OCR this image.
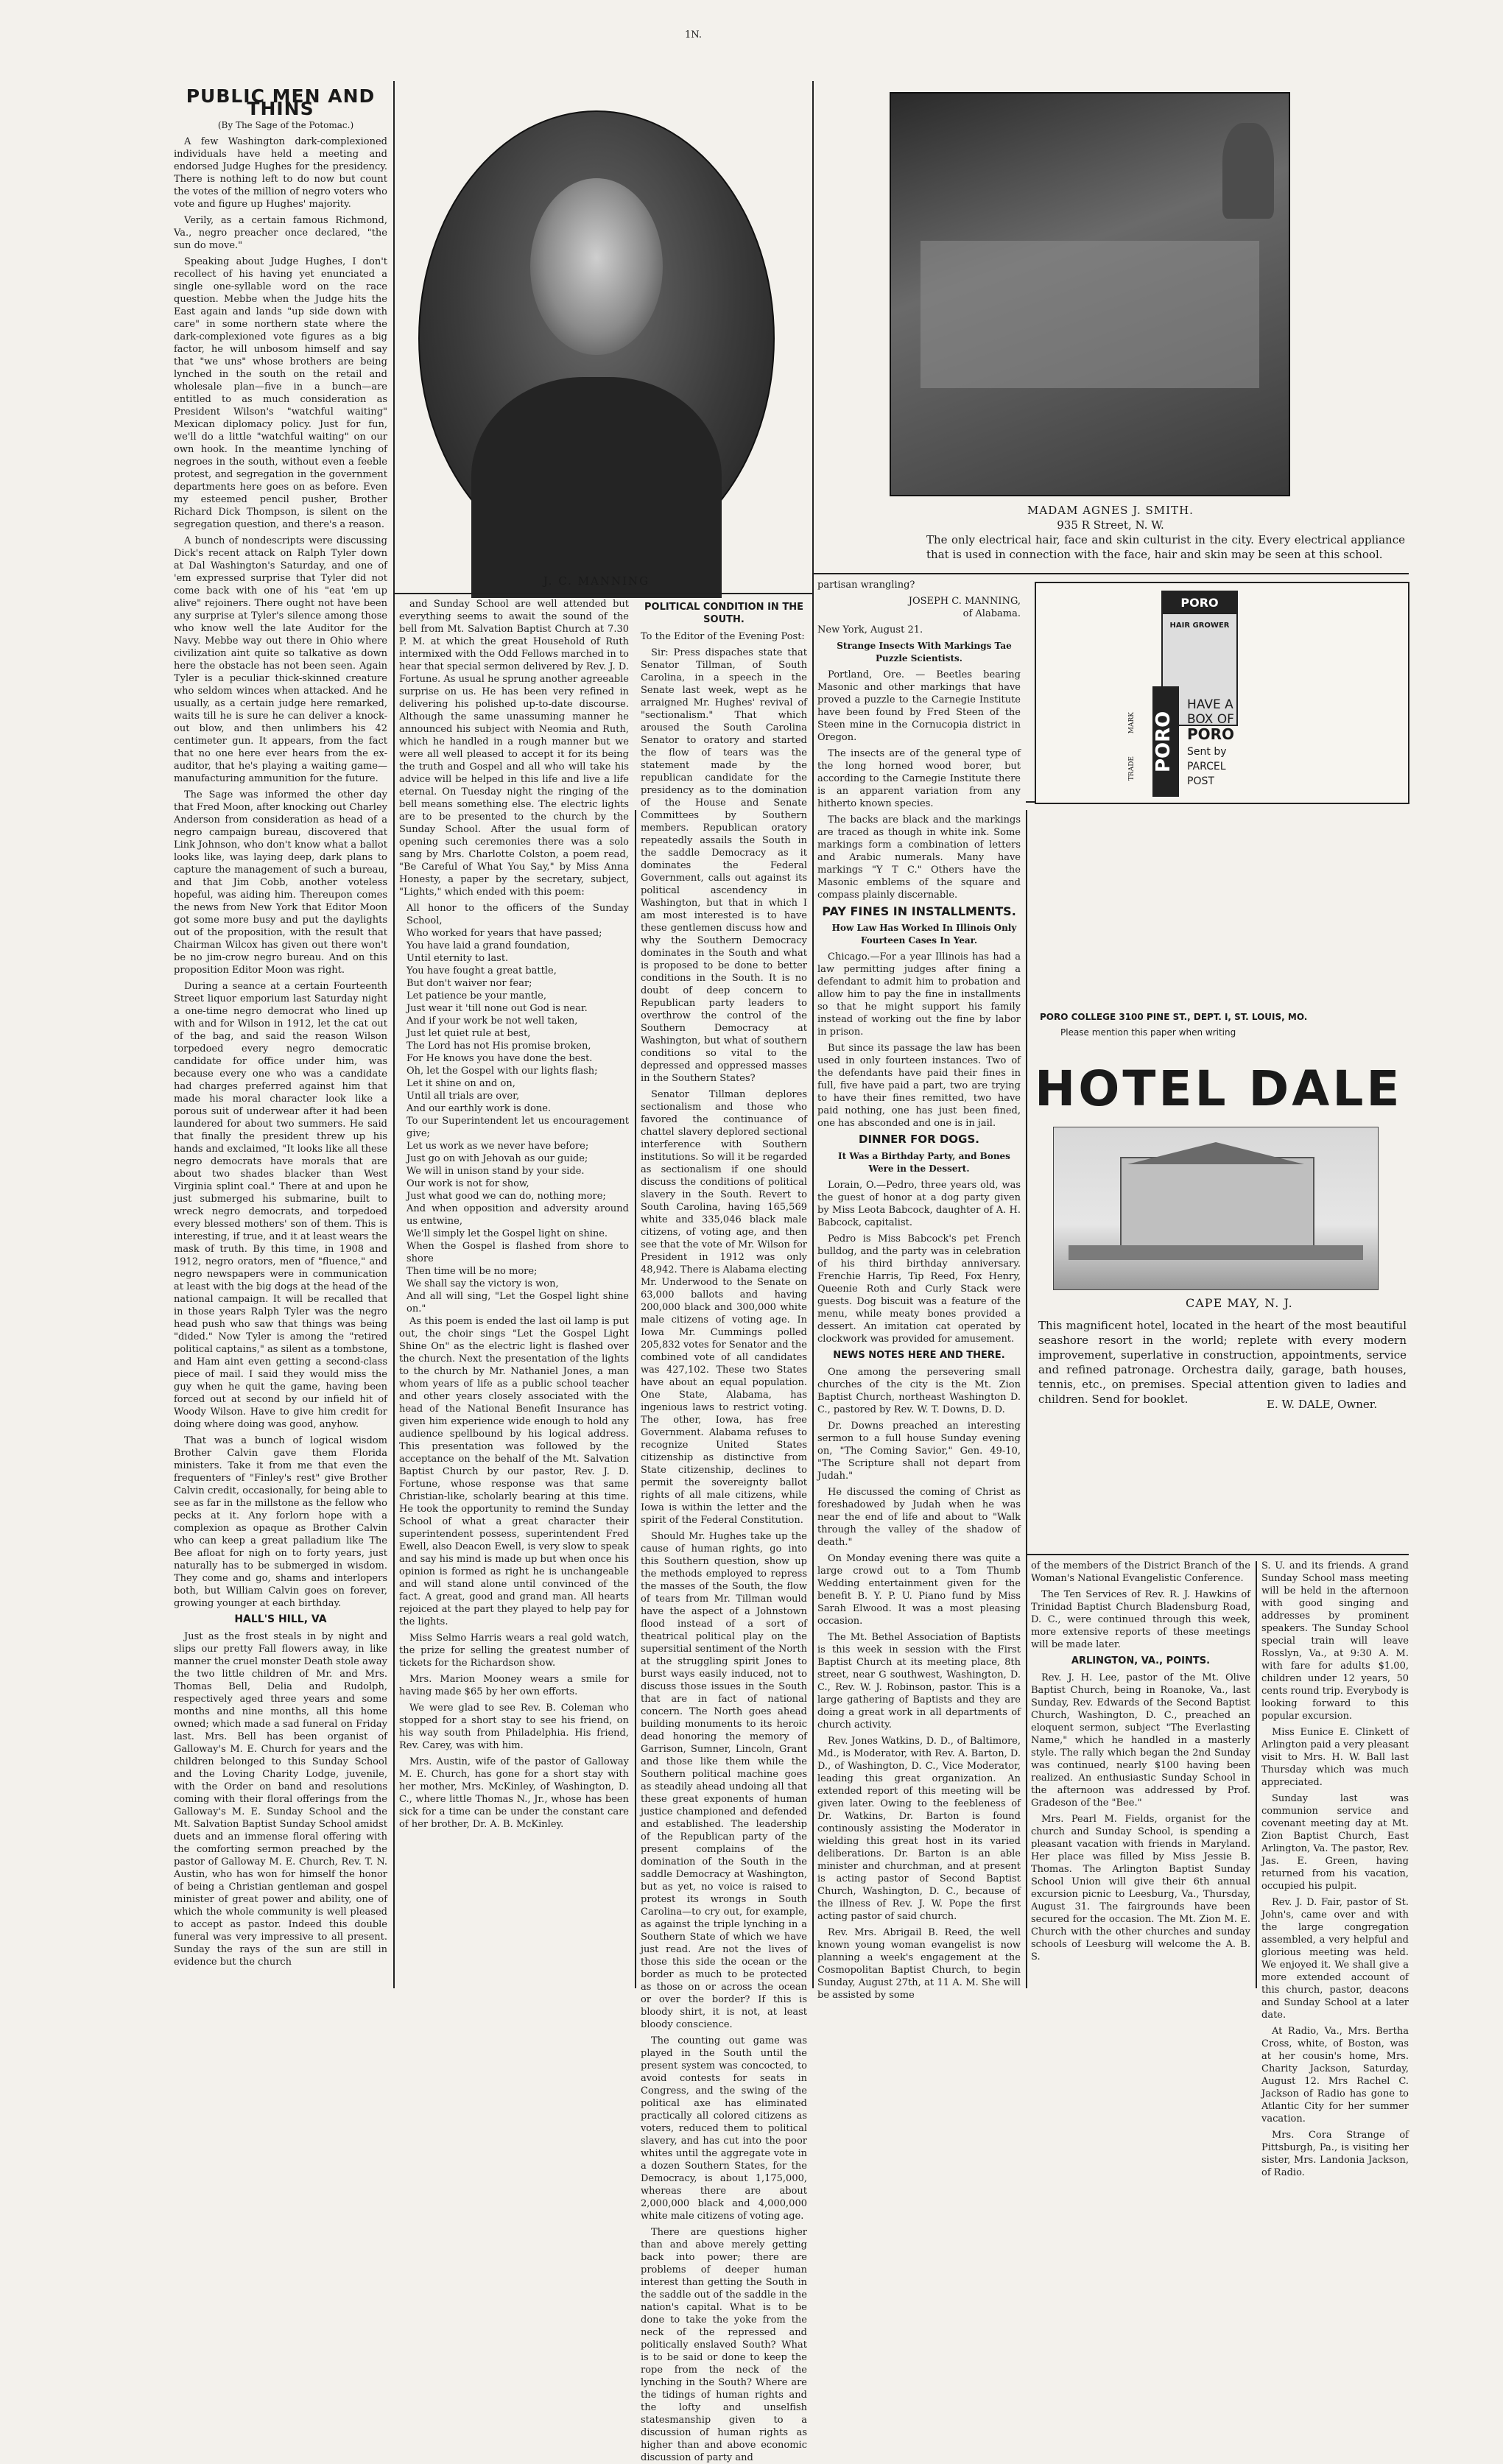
1N.
PUBLIC MEN AND THINS

(By The Sage of the Potomac.)

A few Washington dark-complexioned individuals have held a meeting and endorsed Judge Hughes for the presidency. There is nothing left to do now but count the votes of the million of negro voters who vote and figure up Hughes' majority.

Verily, as a certain famous Richmond, Va., negro preacher once declared, "the sun do move."

Speaking about Judge Hughes, I don't recollect of his having yet enunciated a single one-syllable word on the race question. Mebbe when the Judge hits the East again and lands "up side down with care" in some northern state where the dark-complexioned vote figures as a big factor, he will unbosom himself and say that "we uns" whose brothers are being lynched in the south on the retail and wholesale plan—five in a bunch—are entitled to as much consideration as President Wilson's "watchful waiting" Mexican diplomacy policy. Just for fun, we'll do a little "watchful waiting" on our own hook. In the meantime lynching of negroes in the south, without even a feeble protest, and segregation in the government departments here goes on as before. Even my esteemed pencil pusher, Brother Richard Dick Thompson, is silent on the segregation question, and there's a reason.

A bunch of nondescripts were discussing Dick's recent attack on Ralph Tyler down at Dal Washington's Saturday, and one of 'em expressed surprise that Tyler did not come back with one of his "eat 'em up alive" rejoiners. There ought not have been any surprise at Tyler's silence among those who know well the late Auditor for the Navy. Mebbe way out there in Ohio where civilization aint quite so talkative as down here the obstacle has not been seen. Again Tyler is a peculiar thick-skinned creature who seldom winces when attacked. And he usually, as a certain judge here remarked, waits till he is sure he can deliver a knock-out blow, and then unlimbers his 42 centimeter gun. It appears, from the fact that no one here ever hears from the ex-auditor, that he's playing a waiting game—manufacturing ammunition for the future.

The Sage was informed the other day that Fred Moon, after knocking out Charley Anderson from consideration as head of a negro campaign bureau, discovered that Link Johnson, who don't know what a ballot looks like, was laying deep, dark plans to capture the management of such a bureau, and that Jim Cobb, another voteless hopeful, was aiding him. Thereupon comes the news from New York that Editor Moon got some more busy and put the daylights out of the proposition, with the result that Chairman Wilcox has given out there won't be no jim-crow negro bureau. And on this proposition Editor Moon was right.

During a seance at a certain Fourteenth Street liquor emporium last Saturday night a one-time negro democrat who lined up with and for Wilson in 1912, let the cat out of the bag, and said the reason Wilson torpedoed every negro democratic candidate for office under him, was because every one who was a candidate had charges preferred against him that made his moral character look like a porous suit of underwear after it had been laundered for about two summers. He said that finally the president threw up his hands and exclaimed, "It looks like all these negro democrats have morals that are about two shades blacker than West Virginia splint coal." There at and upon he just submerged his submarine, built to wreck negro democrats, and torpedoed every blessed mothers' son of them. This is interesting, if true, and it at least wears the mask of truth. By this time, in 1908 and 1912, negro orators, men of "fluence," and negro newspapers were in communication at least with the big dogs at the head of the national campaign. It will be recalled that in those years Ralph Tyler was the negro head push who saw that things was being "dided." Now Tyler is among the "retired political captains," as silent as a tombstone, and Ham aint even getting a second-class piece of mail. I said they would miss the guy when he quit the game, having been forced out at second by our infield hit of Woody Wilson. Have to give him credit for doing where doing was good, anyhow.

That was a bunch of logical wisdom Brother Calvin gave them Florida ministers. Take it from me that even the frequenters of "Finley's rest" give Brother Calvin credit, occasionally, for being able to see as far in the millstone as the fellow who pecks at it. Any forlorn hope with a complexion as opaque as Brother Calvin who can keep a great palladium like The Bee afloat for nigh on to forty years, just naturally has to be submerged in wisdom. They come and go, shams and interlopers both, but William Calvin goes on forever, growing younger at each birthday.

HALL'S HILL, VA

Just as the frost steals in by night and slips our pretty Fall flowers away, in like manner the cruel monster Death stole away the two little children of Mr. and Mrs. Thomas Bell, Delia and Rudolph, respectively aged three years and some months and nine months, all this home owned; which made a sad funeral on Friday last. Mrs. Bell has been organist of Galloway's M. E. Church for years and the children belonged to this Sunday School and the Loving Charity Lodge, juvenile, with the Order on band and resolutions coming with their floral offerings from the Galloway's M. E. Sunday School and the Mt. Salvation Baptist Sunday School amidst duets and an immense floral offering with the comforting sermon preached by the pastor of Galloway M. E. Church, Rev. T. N. Austin, who has won for himself the honor of being a Christian gentleman and gospel minister of great power and ability, one of which the whole community is well pleased to accept as pastor. Indeed this double funeral was very impressive to all present. Sunday the rays of the sun are still in evidence but the church

J. C. MANNING

and Sunday School are well attended but everything seems to await the sound of the bell from Mt. Salvation Baptist Church at 7.30 P. M. at which the great Household of Ruth intermixed with the Odd Fellows marched in to hear that special sermon delivered by Rev. J. D. Fortune. As usual he sprung another agreeable surprise on us. He has been very refined in delivering his polished up-to-date discourse. Although the same unassuming manner he announced his subject with Neomia and Ruth, which he handled in a rough manner but we were all well pleased to accept it for its being the truth and Gospel and all who will take his advice will be helped in this life and live a life eternal. On Tuesday night the ringing of the bell means something else. The electric lights are to be presented to the church by the Sunday School. After the usual form of opening such ceremonies there was a solo sang by Mrs. Charlotte Colston, a poem read, "Be Careful of What You Say," by Miss Anna Honesty, a paper by the secretary, subject, "Lights," which ended with this poem:

All honor to the officers of the Sunday School,

Who worked for years that have passed;

You have laid a grand foundation,

Until eternity to last.

You have fought a great battle,

But don't waiver nor fear;

Let patience be your mantle,

Just wear it 'till none out God is near.

And if your work be not well taken,

Just let quiet rule at best,

The Lord has not His promise broken,

For He knows you have done the best.

Oh, let the Gospel with our lights flash;

Let it shine on and on,

Until all trials are over,

And our earthly work is done.

To our Superintendent let us encouragement give;

Let us work as we never have before;

Just go on with Jehovah as our guide;

We will in unison stand by your side.

Our work is not for show,

Just what good we can do, nothing more;

And when opposition and adversity around us entwine,

We'll simply let the Gospel light on shine.

When the Gospel is flashed from shore to shore

Then time will be no more;

We shall say the victory is won,

And all will sing, "Let the Gospel light shine on."

As this poem is ended the last oil lamp is put out, the choir sings "Let the Gospel Light Shine On" as the electric light is flashed over the church. Next the presentation of the lights to the church by Mr. Nathaniel Jones, a man whom years of life as a public school teacher and other years closely associated with the head of the National Benefit Insurance has given him experience wide enough to hold any audience spellbound by his logical address. This presentation was followed by the acceptance on the behalf of the Mt. Salvation Baptist Church by our pastor, Rev. J. D. Fortune, whose response was that same Christian-like, scholarly bearing at this time. He took the opportunity to remind the Sunday School of what a great character their superintendent possess, superintendent Fred Ewell, also Deacon Ewell, is very slow to speak and say his mind is made up but when once his opinion is formed as right he is unchangeable and will stand alone until convinced of the fact. A great, good and grand man. All hearts rejoiced at the part they played to help pay for the lights.

Miss Selmo Harris wears a real gold watch, the prize for selling the greatest number of tickets for the Richardson show.

Mrs. Marion Mooney wears a smile for having made $65 by her own efforts.

We were glad to see Rev. B. Coleman who stopped for a short stay to see his friend, on his way south from Philadelphia. His friend, Rev. Carey, was with him.

Mrs. Austin, wife of the pastor of Galloway M. E. Church, has gone for a short stay with her mother, Mrs. McKinley, of Washington, D. C., where little Thomas N., Jr., whose has been sick for a time can be under the constant care of her brother, Dr. A. B. McKinley.

POLITICAL CONDITION IN THE SOUTH.

To the Editor of the Evening Post:

Sir: Press dispaches state that Senator Tillman, of South Carolina, in a speech in the Senate last week, wept as he arraigned Mr. Hughes' revival of "sectionalism." That which aroused the South Carolina Senator to oratory and started the flow of tears was the statement made by the republican candidate for the presidency as to the domination of the House and Senate Committees by Southern members. Republican oratory repeatedly assails the South in the saddle Democracy as it dominates the Federal Government, calls out against its political ascendency in Washington, but that in which I am most interested is to have these gentlemen discuss how and why the Southern Democracy dominates in the South and what is proposed to be done to better conditions in the South. It is no doubt of deep concern to Republican party leaders to overthrow the control of the Southern Democracy at Washington, but what of southern conditions so vital to the depressed and oppressed masses in the Southern States?

Senator Tillman deplores sectionalism and those who favored the continuance of chattel slavery deplored sectional interference with Southern institutions. So will it be regarded as sectionalism if one should discuss the conditions of political slavery in the South. Revert to South Carolina, having 165,569 white and 335,046 black male citizens, of voting age, and then see that the vote of Mr. Wilson for President in 1912 was only 48,942. There is Alabama electing Mr. Underwood to the Senate on 63,000 ballots and having 200,000 black and 300,000 white male citizens of voting age. In Iowa Mr. Cummings polled 205,832 votes for Senator and the combined vote of all candidates was 427,102. These two States have about an equal population. One State, Alabama, has ingenious laws to restrict voting. The other, Iowa, has free Government. Alabama refuses to recognize United States citizenship as distinctive from State citizenship, declines to permit the sovereignty ballot rights of all male citizens, while Iowa is within the letter and the spirit of the Federal Constitution.

Should Mr. Hughes take up the cause of human rights, go into this Southern question, show up the methods employed to repress the masses of the South, the flow of tears from Mr. Tillman would have the aspect of a Johnstown flood instead of a sort of theatrical political play on the supersitial sentiment of the North at the struggling spirit Jones to burst ways easily induced, not to discuss those issues in the South that are in fact of national concern. The North goes ahead building monuments to its heroic dead honoring the memory of Garrison, Sumner, Lincoln, Grant and those like them while the Southern political machine goes as steadily ahead undoing all that these great exponents of human justice championed and defended and established. The leadership of the Republican party of the present complains of the domination of the South in the saddle Democracy at Washington, but as yet, no voice is raised to protest its wrongs in South Carolina—to cry out, for example, as against the triple lynching in a Southern State of which we have just read. Are not the lives of those this side the ocean or the border as much to be protected as those on or across the ocean or over the border? If this is bloody shirt, it is not, at least bloody conscience.

The counting out game was played in the South until the present system was concocted, to avoid contests for seats in Congress, and the swing of the political axe has eliminated practically all colored citizens as voters, reduced them to political slavery, and has cut into the poor whites until the aggregate vote in a dozen Southern States, for the Democracy, is about 1,175,000, whereas there are about 2,000,000 black and 4,000,000 white male citizens of voting age.

There are questions higher than and above merely getting back into power; there are problems of deeper human interest than getting the South in the saddle out of the saddle in the nation's capital. What is to be done to take the yoke from the neck of the repressed and politically enslaved South? What is to be said or done to keep the rope from the neck of the lynching in the South? Where are the tidings of human rights and the lofty and unselfish statesmanship given to a discussion of human rights as higher than and above economic discussion of party and

MADAM AGNES J. SMITH.
935 R Street, N. W.
The only electrical hair, face and skin culturist in the city. Every electrical appliance that is used in connection with the face, hair and skin may be seen at this school.

partisan wrangling?

JOSEPH C. MANNING,

of Alabama.

New York, August 21.

Strange Insects With Markings Tae Puzzle Scientists.

Portland, Ore. — Beetles bearing Masonic and other markings that have proved a puzzle to the Carnegie Institute have been found by Fred Steen of the Steen mine in the Cornucopia district in Oregon.

The insects are of the general type of the long horned wood borer, but according to the Carnegie Institute there is an apparent variation from any hitherto known species.

The backs are black and the markings are traced as though in white ink. Some markings form a combination of letters and Arabic numerals. Many have markings "Y T C." Others have the Masonic emblems of the square and compass plainly discernable.

PAY FINES IN INSTALLMENTS.

How Law Has Worked In Illinois Only Fourteen Cases In Year.

Chicago.—For a year Illinois has had a law permitting judges after fining a defendant to admit him to probation and allow him to pay the fine in installments so that he might support his family instead of working out the fine by labor in prison.

But since its passage the law has been used in only fourteen instances. Two of the defendants have paid their fines in full, five have paid a part, two are trying to have their fines remitted, two have paid nothing, one has just been fined, one has absconded and one is in jail.

DINNER FOR DOGS.

It Was a Birthday Party, and Bones Were in the Dessert.

Lorain, O.—Pedro, three years old, was the guest of honor at a dog party given by Miss Leota Babcock, daughter of A. H. Babcock, capitalist.

Pedro is Miss Babcock's pet French bulldog, and the party was in celebration of his third birthday anniversary. Frenchie Harris, Tip Reed, Fox Henry, Queenie Roth and Curly Stack were guests. Dog biscuit was a feature of the menu, while meaty bones provided a dessert. An imitation cat operated by clockwork was provided for amusement.

NEWS NOTES HERE AND THERE.

One among the persevering small churches of the city is the Mt. Zion Baptist Church, northeast Washington D. C., pastored by Rev. W. T. Downs, D. D.

Dr. Downs preached an interesting sermon to a full house Sunday evening on, "The Coming Savior," Gen. 49-10, "The Scripture shall not depart from Judah."

He discussed the coming of Christ as foreshadowed by Judah when he was near the end of life and about to "Walk through the valley of the shadow of death."

On Monday evening there was quite a large crowd out to a Tom Thumb Wedding entertainment given for the benefit B. Y. P. U. Piano fund by Miss Sarah Elwood. It was a most pleasing occasion.

The Mt. Bethel Association of Baptists is this week in session with the First Baptist Church at its meeting place, 8th street, near G southwest, Washington, D. C., Rev. W. J. Robinson, pastor. This is a large gathering of Baptists and they are doing a great work in all departments of church activity.

Rev. Jones Watkins, D. D., of Baltimore, Md., is Moderator, with Rev. A. Barton, D. D., of Washington, D. C., Vice Moderator, leading this great organization. An extended report of this meeting will be given later. Owing to the feebleness of Dr. Watkins, Dr. Barton is found continously assisting the Moderator in wielding this great host in its varied deliberations. Dr. Barton is an able minister and churchman, and at present is acting pastor of Second Baptist Church, Washington, D. C., because of the illness of Rev. J. W. Pope the first acting pastor of said church.

Rev. Mrs. Abrigail B. Reed, the well known young woman evangelist is now planning a week's engagement at the Cosmopolitan Baptist Church, to begin Sunday, August 27th, at 11 A. M. She will be assisted by some

PORO
HAIR GROWER
PORO
TRADE
MARK
HAVE A
BOX OF
PORO
Sent by
PARCEL
POST
PORO COLLEGE 3100 PINE ST., DEPT. I, ST. LOUIS, MO.
Please mention this paper when writing
HOTEL DALE
CAPE MAY, N. J.
This magnificent hotel, located in the heart of the most beautiful seashore resort in the world; replete with every modern improvement, superlative in construction, appointments, service and refined patronage. Orchestra daily, garage, bath houses, tennis, etc., on premises. Special attention given to ladies and children. Send for booklet.	E. W. DALE, Owner.

of the members of the District Branch of the Woman's National Evangelistic Conference.

The Ten Services of Rev. R. J. Hawkins of Trinidad Baptist Church Bladensburg Road, D. C., were continued through this week, more extensive reports of these meetings will be made later.

ARLINGTON, VA., POINTS.

Rev. J. H. Lee, pastor of the Mt. Olive Baptist Church, being in Roanoke, Va., last Sunday, Rev. Edwards of the Second Baptist Church, Washington, D. C., preached an eloquent sermon, subject "The Everlasting Name," which he handled in a masterly style. The rally which began the 2nd Sunday was continued, nearly $100 having been realized. An enthusiastic Sunday School in the afternoon was addressed by Prof. Gradeson of the "Bee."

Mrs. Pearl M. Fields, organist for the church and Sunday School, is spending a pleasant vacation with friends in Maryland. Her place was filled by Miss Jessie B. Thomas. The Arlington Baptist Sunday School Union will give their 6th annual excursion picnic to Leesburg, Va., Thursday, August 31. The fairgrounds have been secured for the occasion. The Mt. Zion M. E. Church with the other churches and sunday schools of Leesburg will welcome the A. B. S.

S. U. and its friends. A grand Sunday School mass meeting will be held in the afternoon with good singing and addresses by prominent speakers. The Sunday School special train will leave Rosslyn, Va., at 9:30 A. M. with fare for adults $1.00, children under 12 years, 50 cents round trip. Everybody is looking forward to this popular excursion.

Miss Eunice E. Clinkett of Arlington paid a very pleasant visit to Mrs. H. W. Ball last Thursday which was much appreciated.

Sunday last was communion service and covenant meeting day at Mt. Zion Baptist Church, East Arlington, Va. The pastor, Rev. Jas. E. Green, having returned from his vacation, occupied his pulpit.

Rev. J. D. Fair, pastor of St. John's, came over and with the large congregation assembled, a very helpful and glorious meeting was held. We enjoyed it. We shall give a more extended account of this church, pastor, deacons and Sunday School at a later date.

At Radio, Va., Mrs. Bertha Cross, white, of Boston, was at her cousin's home, Mrs. Charity Jackson, Saturday, August 12. Mrs Rachel C. Jackson of Radio has gone to Atlantic City for her summer vacation.

Mrs. Cora Strange of Pittsburgh, Pa., is visiting her sister, Mrs. Landonia Jackson, of Radio.
